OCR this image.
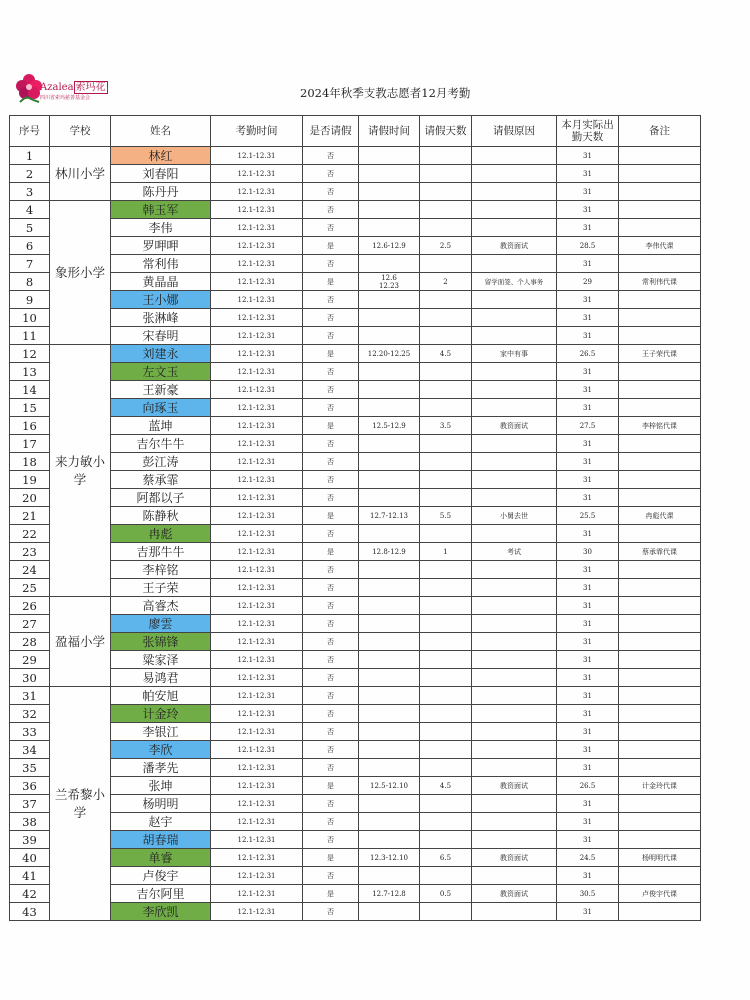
Azalea 索玛花
四川省索玛慈善基金会	2024年秋季支教志愿者12月考勤
序号	学校	姓名	考勤时间	是否请假	请假时间	请假天数	请假原因	本月实际出勤天数	备注
1	林川小学	林红	12.1-12.31	否				31	
2		刘春阳	12.1-12.31	否				31	
3		陈丹丹	12.1-12.31	否				31	
4	象形小学	韩玉军	12.1-12.31	否				31	
5		李伟	12.1-12.31	否				31	
6		罗呷呷	12.1-12.31	是	12.6-12.9	2.5	教资面试	28.5	李伟代课
7		常利伟	12.1-12.31	否				31	
8		黄晶晶	12.1-12.31	是	12.6
12.23	2	留学面签、个人事务	29	常利伟代课
9		王小娜	12.1-12.31	否				31	
10		张淋峰	12.1-12.31	否				31	
11		宋春明	12.1-12.31	否				31	
12	来力敏小学	刘建永	12.1-12.31	是	12.20-12.25	4.5	家中有事	26.5	王子荣代课
13		左文玉	12.1-12.31	否				31	
14		王新豪	12.1-12.31	否				31	
15		向琢玉	12.1-12.31	否				31	
16		蓝坤	12.1-12.31	是	12.5-12.9	3.5	教资面试	27.5	李梓铭代课
17		吉尔牛牛	12.1-12.31	否				31	
18		彭江涛	12.1-12.31	否				31	
19		蔡承霏	12.1-12.31	否				31	
20		阿都以子	12.1-12.31	否				31	
21		陈静秋	12.1-12.31	是	12.7-12.13	5.5	小舅去世	25.5	冉彪代课
22		冉彪	12.1-12.31	否				31	
23		吉那牛牛	12.1-12.31	是	12.8-12.9	1	考试	30	蔡承霏代课
24		李梓铭	12.1-12.31	否				31	
25		王子荣	12.1-12.31	否				31	
26	盈福小学	高睿杰	12.1-12.31	否				31	
27		廖雲	12.1-12.31	否				31	
28		张锦锋	12.1-12.31	否				31	
29		粱家泽	12.1-12.31	否				31	
30		易鸿君	12.1-12.31	否				31	
31	兰希黎小学	帕安旭	12.1-12.31	否				31	
32		计金玲	12.1-12.31	否				31	
33		李银江	12.1-12.31	否				31	
34		李欣	12.1-12.31	否				31	
35		潘孝先	12.1-12.31	否				31	
36		张坤	12.1-12.31	是	12.5-12.10	4.5	教资面试	26.5	计金玲代课
37		杨明明	12.1-12.31	否				31	
38		赵宇	12.1-12.31	否				31	
39		胡春瑞	12.1-12.31	否				31	
40		单睿	12.1-12.31	是	12.3-12.10	6.5	教资面试	24.5	杨明明代课
41		卢俊宇	12.1-12.31	否				31	
42		吉尔阿里	12.1-12.31	是	12.7-12.8	0.5	教资面试	30.5	卢俊宇代课
43		李欣凯	12.1-12.31	否				31	
